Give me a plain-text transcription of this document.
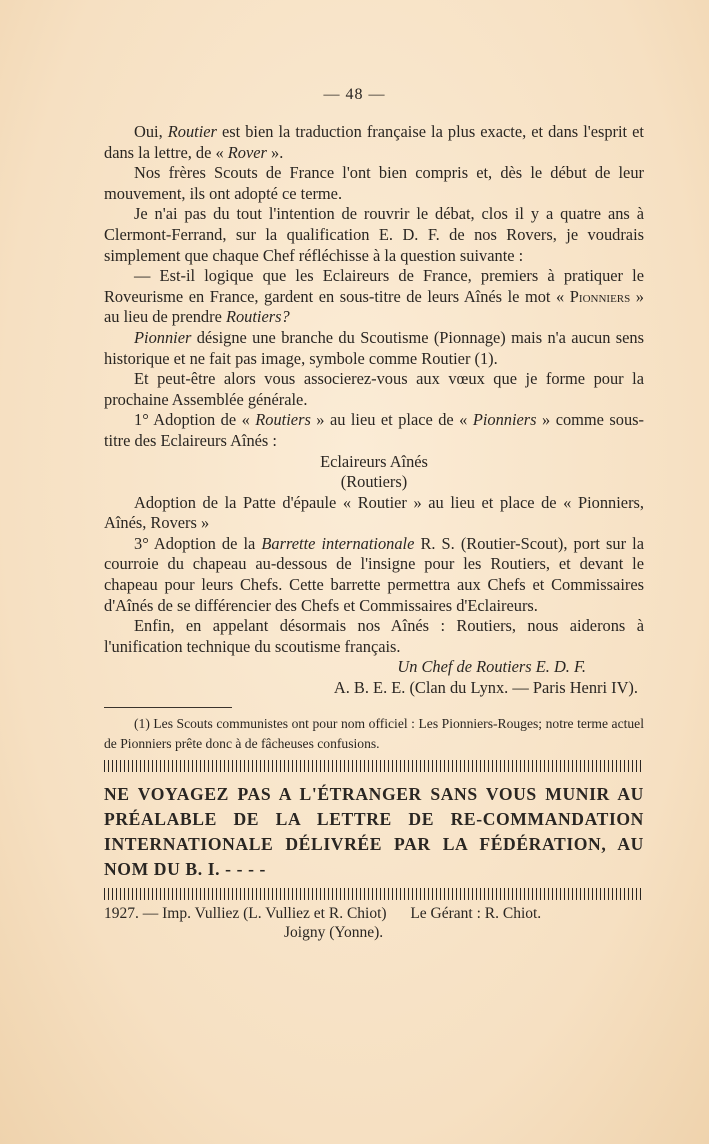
— 48 —

Oui, Routier est bien la traduction française la plus exacte, et dans l'esprit et dans la lettre, de « Rover ».

Nos frères Scouts de France l'ont bien compris et, dès le début de leur mouvement, ils ont adopté ce terme.

Je n'ai pas du tout l'intention de rouvrir le débat, clos il y a quatre ans à Clermont-Ferrand, sur la qualification E. D. F. de nos Rovers, je voudrais simplement que chaque Chef réfléchisse à la question suivante :

— Est-il logique que les Eclaireurs de France, premiers à pratiquer le Roveurisme en France, gardent en sous-titre de leurs Aînés le mot « Pionniers » au lieu de prendre Routiers?

Pionnier désigne une branche du Scoutisme (Pionnage) mais n'a aucun sens historique et ne fait pas image, symbole comme Routier (1).

Et peut-être alors vous associerez-vous aux vœux que je forme pour la prochaine Assemblée générale.

1° Adoption de « Routiers » au lieu et place de « Pionniers » comme sous-titre des Eclaireurs Aînés :

Eclaireurs Aînés

(Routiers)

Adoption de la Patte d'épaule « Routier » au lieu et place de « Pionniers, Aînés, Rovers »

3° Adoption de la Barrette internationale R. S. (Routier-Scout), port sur la courroie du chapeau au-dessous de l'insigne pour les Routiers, et devant le chapeau pour leurs Chefs. Cette barrette permettra aux Chefs et Commissaires d'Aînés de se différencier des Chefs et Commissaires d'Eclaireurs.

Enfin, en appelant désormais nos Aînés : Routiers, nous aiderons à l'unification technique du scoutisme français.

Un Chef de Routiers E. D. F.

A. B. E. E. (Clan du Lynx. — Paris Henri IV).

(1) Les Scouts communistes ont pour nom officiel : Les Pionniers-Rouges; notre terme actuel de Pionniers prête donc à de fâcheuses confusions.

NE VOYAGEZ PAS A L'ÉTRANGER SANS VOUS MUNIR AU PRÉALABLE DE LA LETTRE DE RE-COMMANDATION INTERNATIONALE DÉLIVRÉE PAR LA FÉDÉRATION, AU NOM DU B. I. - - - -

1927. — Imp. Vulliez (L. Vulliez et R. Chiot) Le Gérant : R. Chiot.

Joigny (Yonne).
